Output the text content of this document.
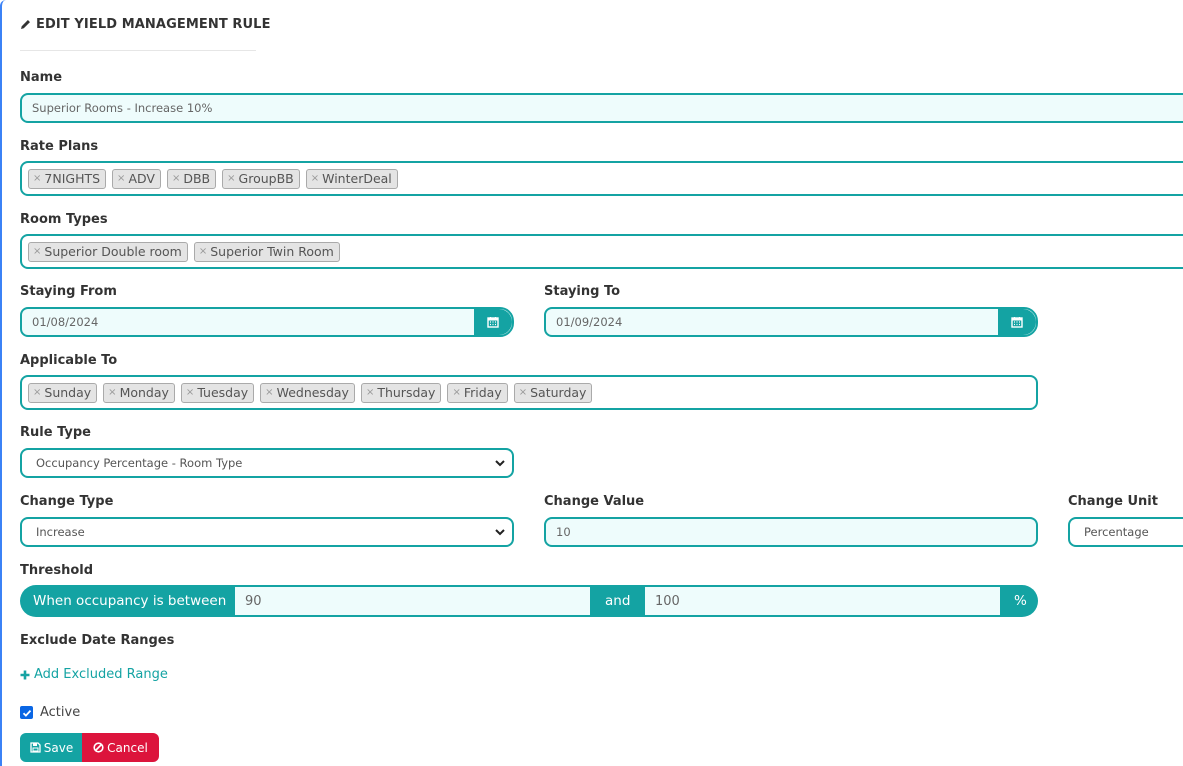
EDIT YIELD MANAGEMENT RULE
Name
Superior Rooms - Increase 10%
Rate Plans
× 7NIGHTS × ADV × DBB × GroupBB × WinterDeal
Room Types
× Superior Double room × Superior Twin Room
Staying From
01/08/2024
Staying To
01/09/2024
Applicable To
× Sunday × Monday × Tuesday × Wednesday × Thursday × Friday × Saturday
Rule Type
Occupancy Percentage - Room Type
Change Type
Increase
Change Value
10
Change Unit
Percentage
Threshold
When occupancy is between 90	and 100	%
Exclude Date Ranges
Add Excluded Range
Active
Save	Cancel
